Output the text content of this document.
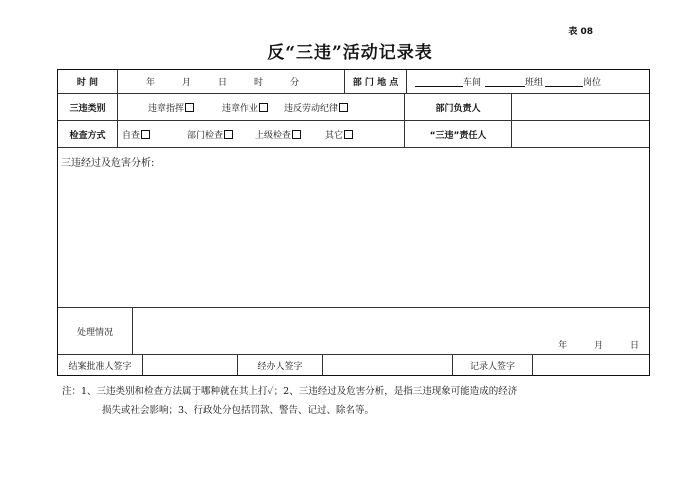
表 08
反“三违”活动记录表
时 间	年	月	日	时	分	部 门 地 点	车间	班组	岗位
三违类别	违章指挥	违章作业	违反劳动纪律	部门负责人
检查方式	自查	部门检查	上级检查	其它	“三违”责任人
三违经过及危害分析:
处理情况
年	月	日
结案批准人签字	经办人签字	记录人签字
注：1、三违类别和检查方法属于哪种就在其上打✓；2、三违经过及危害分析，是指三违现象可能造成的经济
损失或社会影响；3、行政处分包括罚款、警告、记过、除名等。
